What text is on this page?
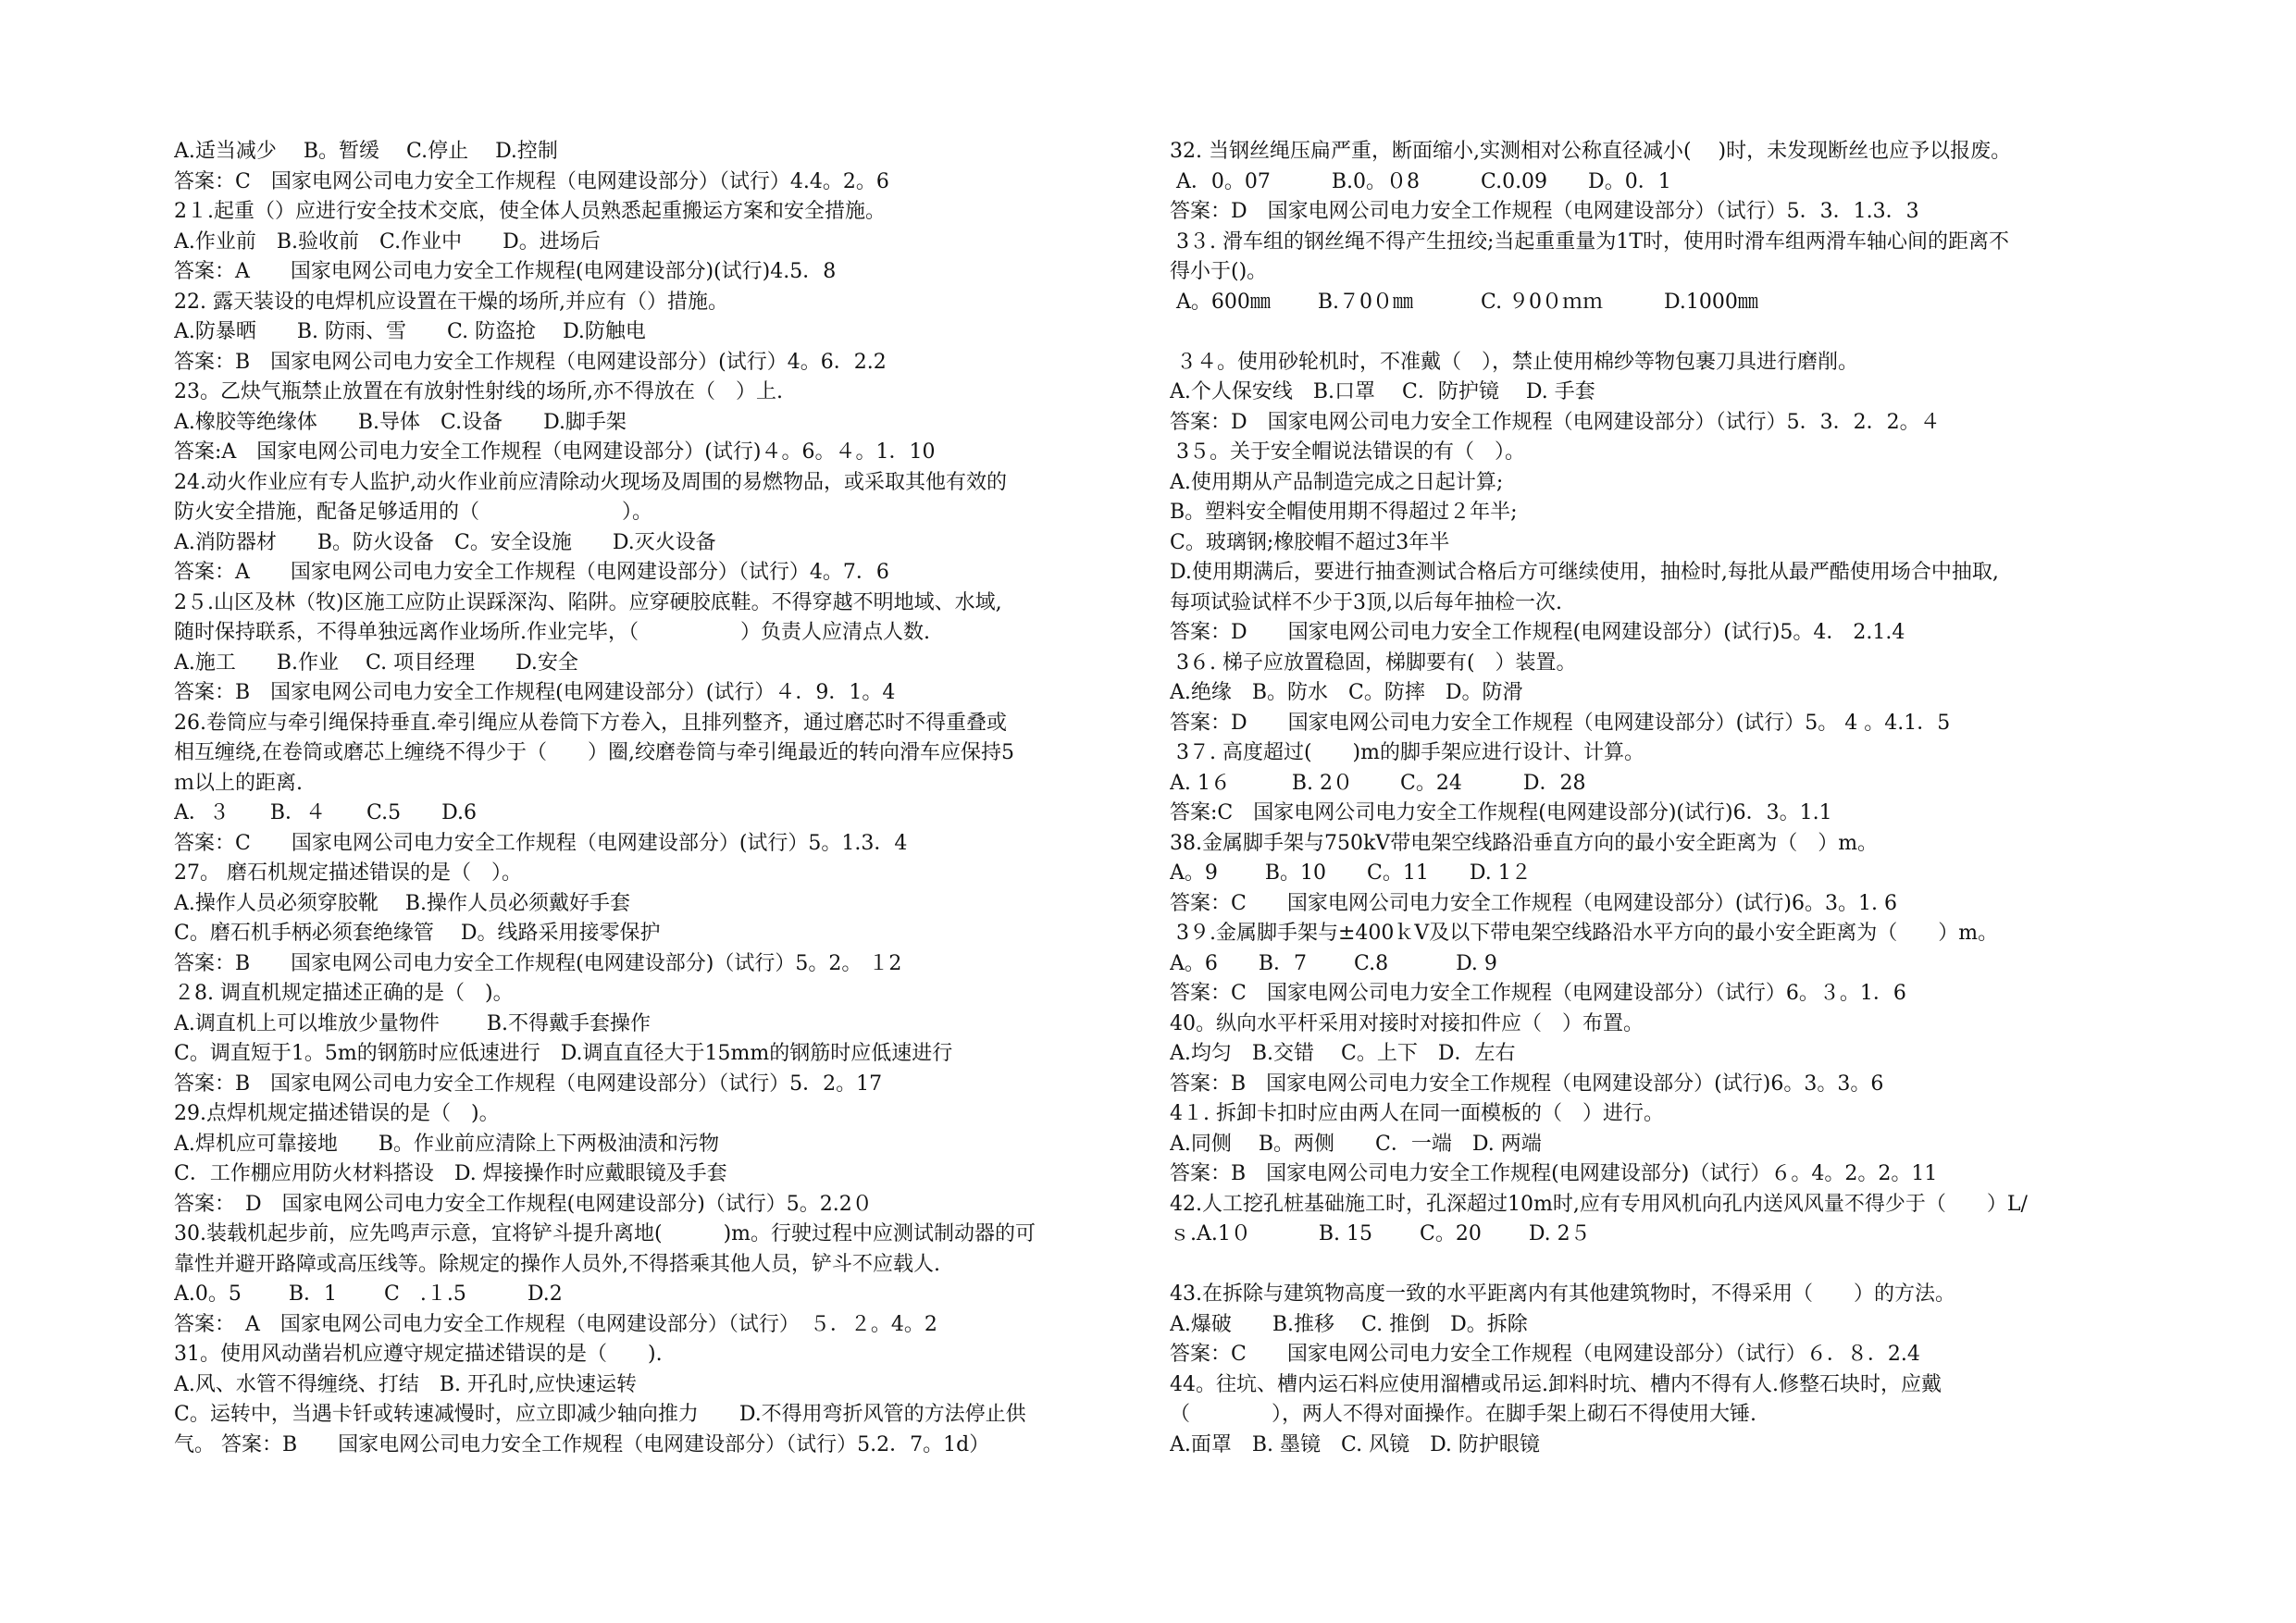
A.适当减少　 B。暂缓　 C.停止　 D.控制
答案：C　国家电网公司电力安全工作规程（电网建设部分）（试行）4.4。2。6
2１.起重（）应进行安全技术交底，使全体人员熟悉起重搬运方案和安全措施。
A.作业前　B.验收前　C.作业中　　D。进场后
答案：A　　国家电网公司电力安全工作规程(电网建设部分)(试行)4.5．8
22. 露天装设的电焊机应设置在干燥的场所,并应有（）措施。
A.防暴晒　　B. 防雨、雪　　C. 防盗抢　 D.防触电
答案：B　国家电网公司电力安全工作规程（电网建设部分）(试行）4。6．2.2
23。乙炔气瓶禁止放置在有放射性射线的场所,亦不得放在（　）上.
A.橡胶等绝缘体　　B.导体　C.设备　　D.脚手架
答案:A　国家电网公司电力安全工作规程（电网建设部分）(试行)４。6。４。1．10
24.动火作业应有专人监护,动火作业前应清除动火现场及周围的易燃物品，或采取其他有效的
防火安全措施，配备足够适用的（　　　　　　　）。
A.消防器材　　B。防火设备　C。安全设施　　D.灭火设备
答案：A　　国家电网公司电力安全工作规程（电网建设部分）（试行）4。7．6
2５.山区及林（牧)区施工应防止误踩深沟、陷阱。应穿硬胶底鞋。不得穿越不明地域、水域,
随时保持联系，不得单独远离作业场所.作业完毕，（　　　　　）负责人应清点人数.
A.施工　　B.作业　 C. 项目经理　　D.安全
答案：B　国家电网公司电力安全工作规程(电网建设部分）(试行）４．9．1。4
26.卷筒应与牵引绳保持垂直.牵引绳应从卷筒下方卷入，且排列整齐，通过磨芯时不得重叠或
相互缠绕,在卷筒或磨芯上缠绕不得少于（　　）圈,绞磨卷筒与牵引绳最近的转向滑车应保持5
ｍ以上的距离.
A．３　　B．４　　C.5　　D.6
答案：C　　国家电网公司电力安全工作规程（电网建设部分）(试行）5。1.3．4
27。 磨石机规定描述错误的是（　）。
A.操作人员必须穿胶靴　 B.操作人员必须戴好手套
C。磨石机手柄必须套绝缘管　 D。线路采用接零保护
答案：B　　国家电网公司电力安全工作规程(电网建设部分)（试行）5。2。 １2
２8. 调直机规定描述正确的是（　)。
A.调直机上可以堆放少量物件　　 B.不得戴手套操作
C。调直短于1。5m的钢筋时应低速进行　D.调直直径大于15mm的钢筋时应低速进行
答案：B　国家电网公司电力安全工作规程（电网建设部分）（试行）5．2。17
29.点焊机规定描述错误的是（　)。
A.焊机应可靠接地　　B。作业前应清除上下两极油渍和污物
C．工作棚应用防火材料搭设　D. 焊接操作时应戴眼镜及手套
答案：　D　国家电网公司电力安全工作规程(电网建设部分)（试行）5。2.2０
30.装载机起步前，应先鸣声示意，宜将铲斗提升离地(　　　)m。行驶过程中应测试制动器的可
靠性并避开路障或高压线等。除规定的操作人员外,不得搭乘其他人员，铲斗不应载人.
A.0。5　　 B．1　　 C　.１.5　　　D.2
答案：　A　国家电网公司电力安全工作规程（电网建设部分）（试行）　５．２。4。2
31。使用风动凿岩机应遵守规定描述错误的是（　　).
A.风、水管不得缠绕、打结　B. 开孔时,应快速运转
C。运转中，当遇卡钎或转速减慢时，应立即减少轴向推力　　D.不得用弯折风管的方法停止供
气。 答案：B　　国家电网公司电力安全工作规程（电网建设部分）（试行）5.2．7。1d）
32. 当钢丝绳压扁严重，断面缩小,实测相对公称直径减小(　 )时，未发现断丝也应予以报废。
A．0。07　　　B.0。０8　　　C.0.09　　D。0．1
答案：D　国家电网公司电力安全工作规程（电网建设部分）（试行）5．3．1.3．3
3３. 滑车组的钢丝绳不得产生扭绞;当起重重量为1T时，使用时滑车组两滑车轴心间的距离不
得小于()。
A。600㎜　　 B.７0０㎜　　　 C. ９0０ｍｍ　　　D.1000㎜
３４。使用砂轮机时，不准戴（　），禁止使用棉纱等物包裹刀具进行磨削。
A.个人保安线　B.口罩　 C．防护镜　 D. 手套
答案：D　国家电网公司电力安全工作规程（电网建设部分）（试行）5．3．2．2。４
3５。关于安全帽说法错误的有（　）。
A.使用期从产品制造完成之日起计算;
B。塑料安全帽使用期不得超过２年半;
C。玻璃钢;橡胶帽不超过3年半
D.使用期满后，要进行抽查测试合格后方可继续使用，抽检时,每批从最严酷使用场合中抽取,
每项试验试样不少于3顶,以后每年抽检一次.
答案：D　　国家电网公司电力安全工作规程(电网建设部分）(试行)5。4． 2.1.4
3６. 梯子应放置稳固，梯脚要有(　）装置。
A.绝缘　B。防水　C。防摔　D。防滑
答案：D　　国家电网公司电力安全工作规程（电网建设部分）(试行）5。 4 。4.1．5
3７. 高度超过(　　)m的脚手架应进行设计、计算。
A. 1６　　　B. 2０　　 C。24　　　D．28
答案:C　国家电网公司电力安全工作规程(电网建设部分)(试行)6．3。1.1
38.金属脚手架与750kV带电架空线路沿垂直方向的最小安全距离为（　）m。
A。9　　 B。10　　C。11　　D. 1２
答案：C　　国家电网公司电力安全工作规程（电网建设部分）(试行)6。3。1. 6
3９.金属脚手架与±400ｋV及以下带电架空线路沿水平方向的最小安全距离为（　　）m。
A。6　　B．7　　 C.8　　　 D. 9
答案：C　国家电网公司电力安全工作规程（电网建设部分）（试行）6。３。1．6
40。纵向水平杆采用对接时对接扣件应（　）布置。
A.均匀　B.交错　 C。上下　D．左右
答案：B　国家电网公司电力安全工作规程（电网建设部分）(试行)6。3。3。6
4１. 拆卸卡扣时应由两人在同一面模板的（　）进行。
A.同侧　 B。两侧　　C．一端　D. 两端
答案：B　国家电网公司电力安全工作规程(电网建设部分)（试行）６。4。2。2。11
42.人工挖孔桩基础施工时，孔深超过10m时,应有专用风机向孔内送风风量不得少于（　　）L/
ｓ.A.1０　　　 B. 15　　 C。20　　 D. 2５
43.在拆除与建筑物高度一致的水平距离内有其他建筑物时，不得采用（　　）的方法。
A.爆破　　B.推移　 C. 推倒　D。拆除
答案：C　　国家电网公司电力安全工作规程（电网建设部分）（试行）６．８．2.4
44。往坑、槽内运石料应使用溜槽或吊运.卸料时坑、槽内不得有人.修整石块时，应戴
（　　　　），两人不得对面操作。在脚手架上砌石不得使用大锤.
A.面罩　B. 墨镜　C. 风镜　D. 防护眼镜
